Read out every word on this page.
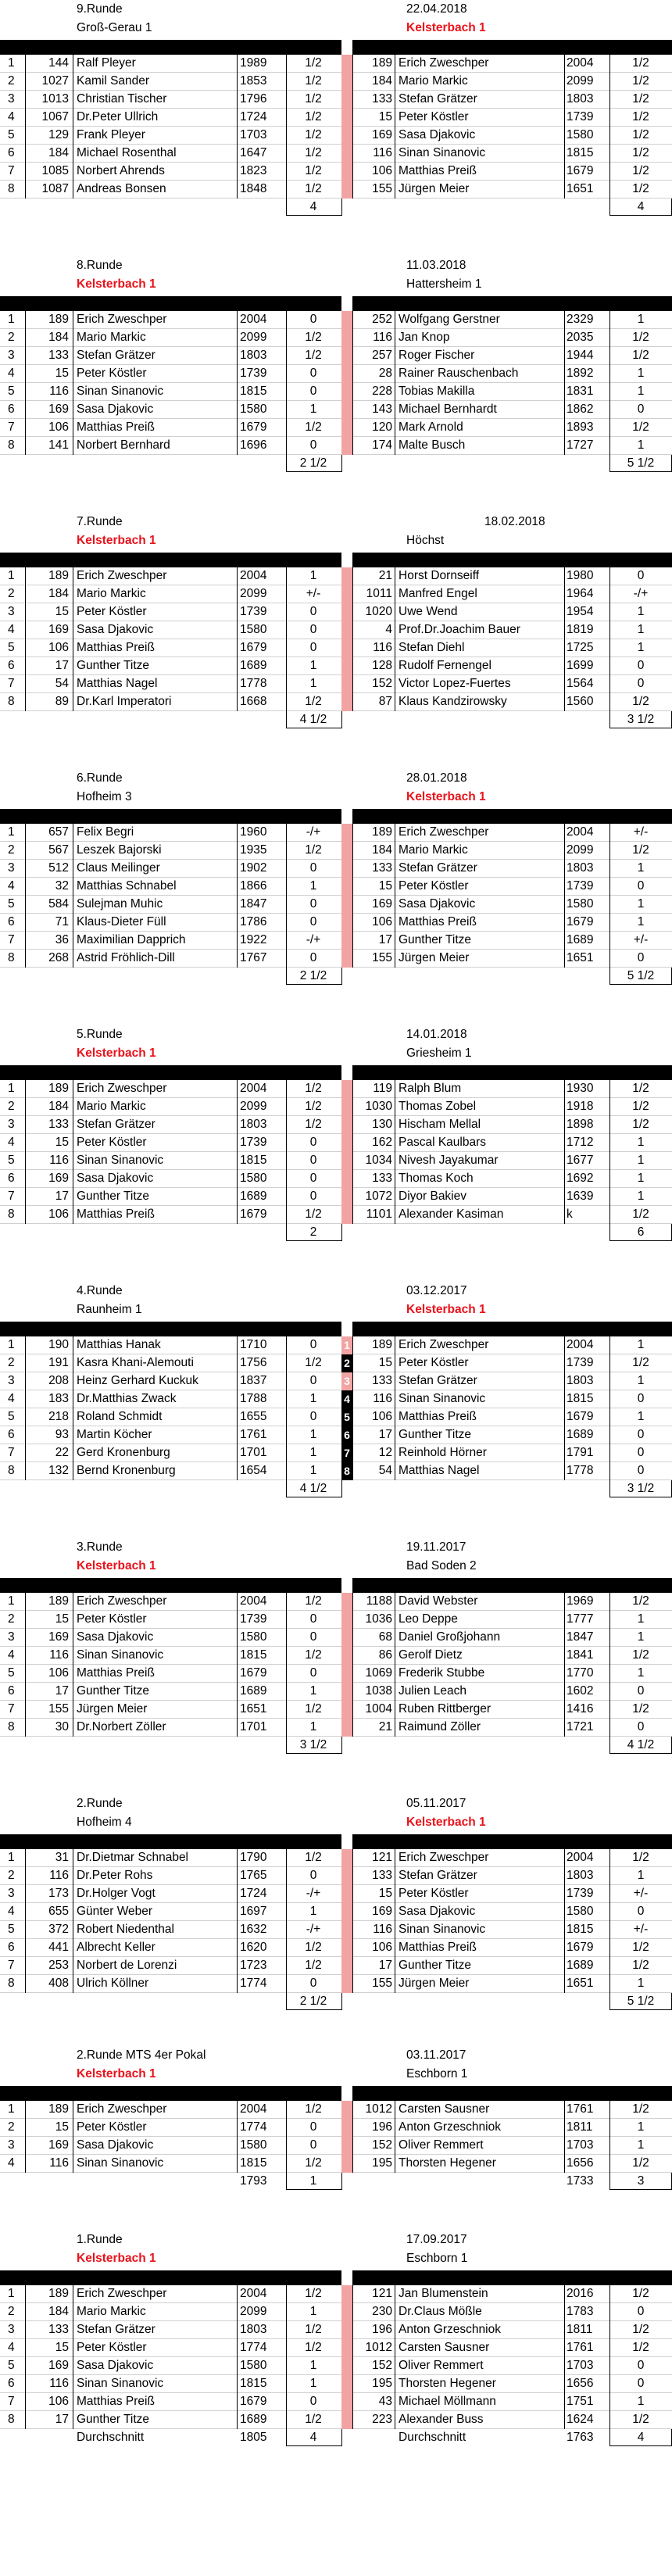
9.Runde	22.04.2018
Groß-Gerau 1	Kelsterbach 1
1	144 Ralf Pleyer	1989	1/2	189 Erich Zweschper	2004	1/2
2	1027 Kamil Sander	1853	1/2	184 Mario Markic	2099	1/2
3	1013 Christian Tischer	1796	1/2	133 Stefan Grätzer	1803	1/2
4	1067 Dr.Peter Ullrich	1724	1/2	15 Peter Köstler	1739	1/2
5	129 Frank Pleyer	1703	1/2	169 Sasa Djakovic	1580	1/2
6	184 Michael Rosenthal	1647	1/2	116 Sinan Sinanovic	1815	1/2
7	1085 Norbert Ahrends	1823	1/2	106 Matthias Preiß	1679	1/2
8	1087 Andreas Bonsen	1848	1/2	155 Jürgen Meier	1651	1/2
4	4
8.Runde	11.03.2018
Kelsterbach 1	Hattersheim 1
1	189 Erich Zweschper	2004	0	252 Wolfgang Gerstner	2329	1
2	184 Mario Markic	2099	1/2	116 Jan Knop	2035	1/2
3	133 Stefan Grätzer	1803	1/2	257 Roger Fischer	1944	1/2
4	15 Peter Köstler	1739	0	28 Rainer Rauschenbach	1892	1
5	116 Sinan Sinanovic	1815	0	228 Tobias Makilla	1831	1
6	169 Sasa Djakovic	1580	1	143 Michael Bernhardt	1862	0
7	106 Matthias Preiß	1679	1/2	120 Mark Arnold	1893	1/2
8	141 Norbert Bernhard	1696	0	174 Malte Busch	1727	1
2 1/2	5 1/2
7.Runde	18.02.2018
Kelsterbach 1	Höchst
1	189 Erich Zweschper	2004	1	21 Horst Dornseiff	1980	0
2	184 Mario Markic	2099	+/-	1011 Manfred Engel	1964	-/+
3	15 Peter Köstler	1739	0	1020 Uwe Wend	1954	1
4	169 Sasa Djakovic	1580	0	4 Prof.Dr.Joachim Bauer	1819	1
5	106 Matthias Preiß	1679	0	116 Stefan Diehl	1725	1
6	17 Gunther Titze	1689	1	128 Rudolf Fernengel	1699	0
7	54 Matthias Nagel	1778	1	152 Victor Lopez-Fuertes	1564	0
8	89 Dr.Karl Imperatori	1668	1/2	87 Klaus Kandzirowsky	1560	1/2
4 1/2	3 1/2
6.Runde	28.01.2018
Hofheim 3	Kelsterbach 1
1	657 Felix Begri	1960	-/+	189 Erich Zweschper	2004	+/-
2	567 Leszek Bajorski	1935	1/2	184 Mario Markic	2099	1/2
3	512 Claus Meilinger	1902	0	133 Stefan Grätzer	1803	1
4	32 Matthias Schnabel	1866	1	15 Peter Köstler	1739	0
5	584 Sulejman Muhic	1847	0	169 Sasa Djakovic	1580	1
6	71 Klaus-Dieter Füll	1786	0	106 Matthias Preiß	1679	1
7	36 Maximilian Dapprich	1922	-/+	17 Gunther Titze	1689	+/-
8	268 Astrid Fröhlich-Dill	1767	0	155 Jürgen Meier	1651	0
2 1/2	5 1/2
5.Runde	14.01.2018
Kelsterbach 1	Griesheim 1
1	189 Erich Zweschper	2004	1/2	119 Ralph Blum	1930	1/2
2	184 Mario Markic	2099	1/2	1030 Thomas Zobel	1918	1/2
3	133 Stefan Grätzer	1803	1/2	130 Hischam Mellal	1898	1/2
4	15 Peter Köstler	1739	0	162 Pascal Kaulbars	1712	1
5	116 Sinan Sinanovic	1815	0	1034 Nivesh Jayakumar	1677	1
6	169 Sasa Djakovic	1580	0	133 Thomas Koch	1692	1
7	17 Gunther Titze	1689	0	1072 Diyor Bakiev	1639	1
8	106 Matthias Preiß	1679	1/2	1101 Alexander Kasiman	k	1/2
2	6
4.Runde	03.12.2017
Raunheim 1	Kelsterbach 1
1
1	190 Matthias Hanak	1710	0	189 Erich Zweschper	2004	1
2
2	191 Kasra Khani-Alemouti	1756	1/2	15 Peter Köstler	1739	1/2
3
3	208 Heinz Gerhard Kuckuk	1837	0	133 Stefan Grätzer	1803	1
4
4	183 Dr.Matthias Zwack	1788	1	116 Sinan Sinanovic	1815	0
5
5	218 Roland Schmidt	1655	0	106 Matthias Preiß	1679	1
6
6	93 Martin Köcher	1761	1	17 Gunther Titze	1689	0
7
7	22 Gerd Kronenburg	1701	1	12 Reinhold Hörner	1791	0
8
8	132 Bernd Kronenburg	1654	1	54 Matthias Nagel	1778	0
4 1/2	3 1/2
3.Runde	19.11.2017
Kelsterbach 1	Bad Soden 2
1	189 Erich Zweschper	2004	1/2	1188 David Webster	1969	1/2
2	15 Peter Köstler	1739	0	1036 Leo Deppe	1777	1
3	169 Sasa Djakovic	1580	0	68 Daniel Großjohann	1847	1
4	116 Sinan Sinanovic	1815	1/2	86 Gerolf Dietz	1841	1/2
5	106 Matthias Preiß	1679	0	1069 Frederik Stubbe	1770	1
6	17 Gunther Titze	1689	1	1038 Julien Leach	1602	0
7	155 Jürgen Meier	1651	1/2	1004 Ruben Rittberger	1416	1/2
8	30 Dr.Norbert Zöller	1701	1	21 Raimund Zöller	1721	0
3 1/2	4 1/2
2.Runde	05.11.2017
Hofheim 4	Kelsterbach 1
1	31 Dr.Dietmar Schnabel	1790	1/2	121 Erich Zweschper	2004	1/2
2	116 Dr.Peter Rohs	1765	0	133 Stefan Grätzer	1803	1
3	173 Dr.Holger Vogt	1724	-/+	15 Peter Köstler	1739	+/-
4	655 Günter Weber	1697	1	169 Sasa Djakovic	1580	0
5	372 Robert Niedenthal	1632	-/+	116 Sinan Sinanovic	1815	+/-
6	441 Albrecht Keller	1620	1/2	106 Matthias Preiß	1679	1/2
7	253 Norbert de Lorenzi	1723	1/2	17 Gunther Titze	1689	1/2
8	408 Ulrich Köllner	1774	0	155 Jürgen Meier	1651	1
2 1/2	5 1/2
2.Runde MTS 4er Pokal	03.11.2017
Kelsterbach 1	Eschborn 1
1	189 Erich Zweschper	2004	1/2	1012 Carsten Sausner	1761	1/2
2	15 Peter Köstler	1774	0	196 Anton Grzeschniok	1811	1
3	169 Sasa Djakovic	1580	0	152 Oliver Remmert	1703	1
4	116 Sinan Sinanovic	1815	1/2	195 Thorsten Hegener	1656	1/2
1793	1733
1	3
1.Runde	17.09.2017
Kelsterbach 1	Eschborn 1
1	189 Erich Zweschper	2004	1/2	121 Jan Blumenstein	2016	1/2
2	184 Mario Markic	2099	1	230 Dr.Claus Mößle	1783	0
3	133 Stefan Grätzer	1803	1/2	196 Anton Grzeschniok	1811	1/2
4	15 Peter Köstler	1774	1/2	1012 Carsten Sausner	1761	1/2
5	169 Sasa Djakovic	1580	1	152 Oliver Remmert	1703	0
6	116 Sinan Sinanovic	1815	1	195 Thorsten Hegener	1656	0
7	106 Matthias Preiß	1679	0	43 Michael Möllmann	1751	1
8	17 Gunther Titze	1689	1/2	223 Alexander Buss	1624	1/2
Durchschnitt	1805	Durchschnitt	1763
4	4
